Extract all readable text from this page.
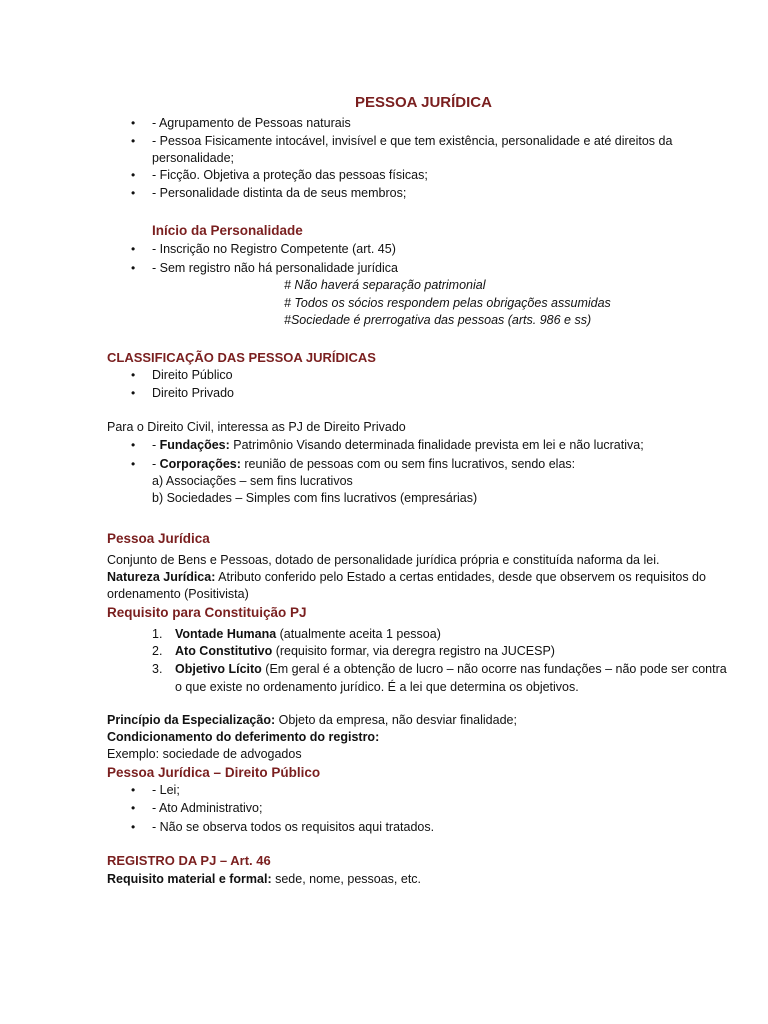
PESSOA JURÍDICA
• - Agrupamento de Pessoas naturais
• - Pessoa Fisicamente intocável, invisível e que tem existência, personalidade e até direitos da
personalidade;
• - Ficção. Objetiva a proteção das pessoas físicas;
• - Personalidade distinta da de seus membros;
Início da Personalidade
• - Inscrição no Registro Competente (art. 45)
• - Sem registro não há personalidade jurídica
# Não haverá separação patrimonial
# Todos os sócios respondem pelas obrigações assumidas
#Sociedade é prerrogativa das pessoas (arts. 986 e ss)
CLASSIFICAÇÃO DAS PESSOA JURÍDICAS
• Direito Público
• Direito Privado
Para o Direito Civil, interessa as PJ de Direito Privado
• - Fundações: Patrimônio Visando determinada finalidade prevista em lei e não lucrativa;
• - Corporações: reunião de pessoas com ou sem fins lucrativos, sendo elas:
a) Associações – sem fins lucrativos
b) Sociedades – Simples com fins lucrativos (empresárias)
Pessoa Jurídica
Conjunto de Bens e Pessoas, dotado de personalidade jurídica própria e constituída naforma da lei.
Natureza Jurídica: Atributo conferido pelo Estado a certas entidades, desde que observem os requisitos do
ordenamento (Positivista)
Requisito para Constituição PJ
1. Vontade Humana (atualmente aceita 1 pessoa)
2. Ato Constitutivo (requisito formar, via deregra registro na JUCESP)
3. Objetivo Lícito (Em geral é a obtenção de lucro – não ocorre nas fundações – não pode ser contra
o que existe no ordenamento jurídico. É a lei que determina os objetivos.
Princípio da Especialização: Objeto da empresa, não desviar finalidade;
Condicionamento do deferimento do registro:
Exemplo: sociedade de advogados
Pessoa Jurídica – Direito Público
• - Lei;
• - Ato Administrativo;
• - Não se observa todos os requisitos aqui tratados.
REGISTRO DA PJ – Art. 46
Requisito material e formal: sede, nome, pessoas, etc.
